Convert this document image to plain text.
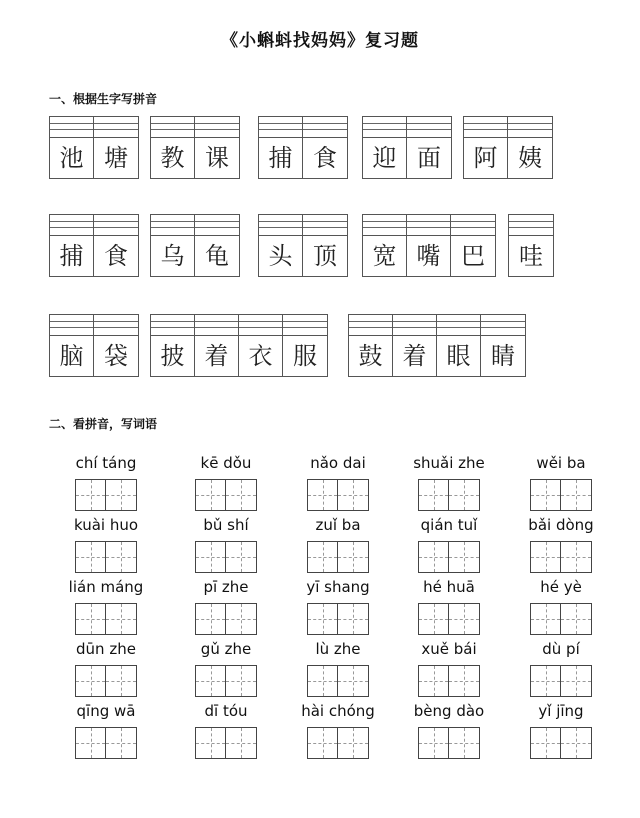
《小蝌蚪找妈妈》复习题
一、根据生字写拼音
池 塘	教 课	捕 食	迎 面	阿 姨
捕 食	乌 龟	头 顶	宽 嘴 巴	哇
脑 袋	披 着 衣 服	鼓 着 眼 睛
二、看拼音，写词语
chí táng	kē dǒu	nǎo dai	shuǎi zhe	wěi ba
kuài huo	bǔ shí	zuǐ ba	qián tuǐ	bǎi dòng
lián máng	pī zhe	yī shang	hé huā	hé yè
dūn zhe	gǔ zhe	lù zhe	xuě bái	dù pí
qīng wā	dī tóu	hài chóng	bèng dào	yǐ jīng
